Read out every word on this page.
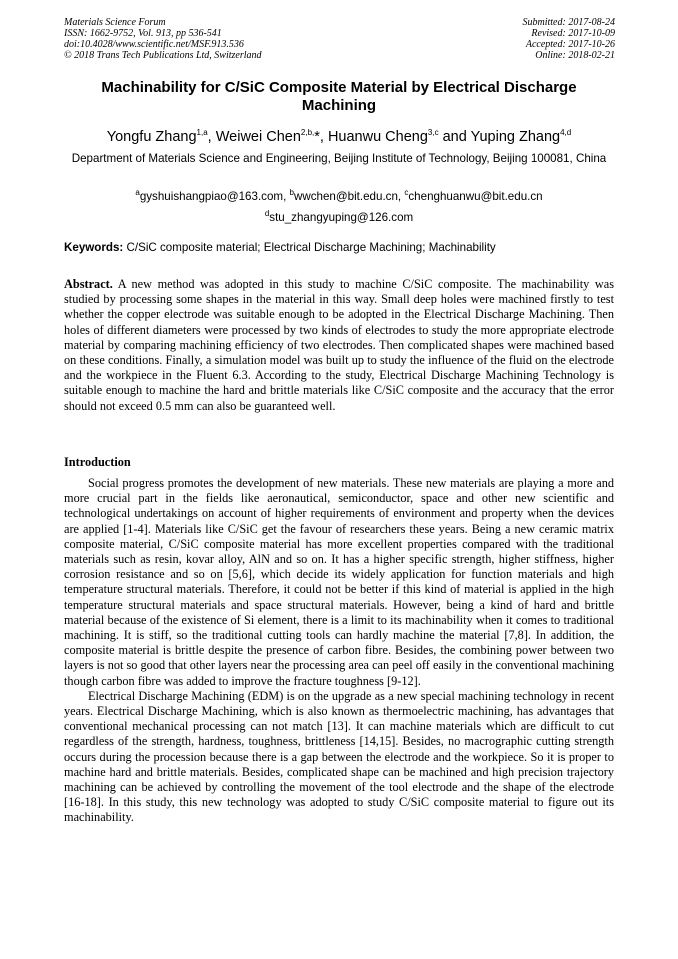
Materials Science Forum
ISSN: 1662-9752, Vol. 913, pp 536-541
doi:10.4028/www.scientific.net/MSF.913.536
© 2018 Trans Tech Publications Ltd, Switzerland
Submitted: 2017-08-24
Revised: 2017-10-09
Accepted: 2017-10-26
Online: 2018-02-21
Machinability for C/SiC Composite Material by Electrical Discharge Machining
Yongfu Zhang$^{1,a}$, Weiwei Chen$^{2,b,}$*, Huanwu Cheng$^{3,c}$ and Yuping Zhang$^{4,d}$
Department of Materials Science and Engineering, Beijing Institute of Technology, Beijing 100081, China
$^a$gyshuishangpiao@163.com, $^b$wwchen@bit.edu.cn, $^c$chenghuanwu@bit.edu.cn
$^d$stu_zhangyuping@126.com
Keywords: C/SiC composite material; Electrical Discharge Machining; Machinability
Abstract. A new method was adopted in this study to machine C/SiC composite. The machinability was studied by processing some shapes in the material in this way. Small deep holes were machined firstly to test whether the copper electrode was suitable enough to be adopted in the Electrical Discharge Machining. Then holes of different diameters were processed by two kinds of electrodes to study the more appropriate electrode material by comparing machining efficiency of two electrodes. Then complicated shapes were machined based on these conditions. Finally, a simulation model was built up to study the influence of the fluid on the electrode and the workpiece in the Fluent 6.3. According to the study, Electrical Discharge Machining Technology is suitable enough to machine the hard and brittle materials like C/SiC composite and the accuracy that the error should not exceed 0.5 mm can also be guaranteed well.
Introduction

Social progress promotes the development of new materials. These new materials are playing a more and more crucial part in the fields like aeronautical, semiconductor, space and other new scientific and technological undertakings on account of higher requirements of environment and property when the devices are applied [1-4]. Materials like C/SiC get the favour of researchers these years. Being a new ceramic matrix composite material, C/SiC composite material has more excellent properties compared with the traditional materials such as resin, kovar alloy, AlN and so on. It has a higher specific strength, higher stiffness, higher corrosion resistance and so on [5,6], which decide its widely application for function materials and high temperature structural materials. Therefore, it could not be better if this kind of material is applied in the high temperature structural materials and space structural materials. However, being a kind of hard and brittle material because of the existence of Si element, there is a limit to its machinability when it comes to traditional machining. It is stiff, so the traditional cutting tools can hardly machine the material [7,8]. In addition, the composite material is brittle despite the presence of carbon fibre. Besides, the combining power between two layers is not so good that other layers near the processing area can peel off easily in the conventional machining though carbon fibre was added to improve the fracture toughness [9-12].

Electrical Discharge Machining (EDM) is on the upgrade as a new special machining technology in recent years. Electrical Discharge Machining, which is also known as thermoelectric machining, has advantages that conventional mechanical processing can not match [13]. It can machine materials which are difficult to cut regardless of the strength, hardness, toughness, brittleness [14,15]. Besides, no macrographic cutting strength occurs during the procession because there is a gap between the electrode and the workpiece. So it is proper to machine hard and brittle materials. Besides, complicated shape can be machined and high precision trajectory machining can be achieved by controlling the movement of the tool electrode and the shape of the electrode [16-18]. In this study, this new technology was adopted to study C/SiC composite material to figure out its machinability.
